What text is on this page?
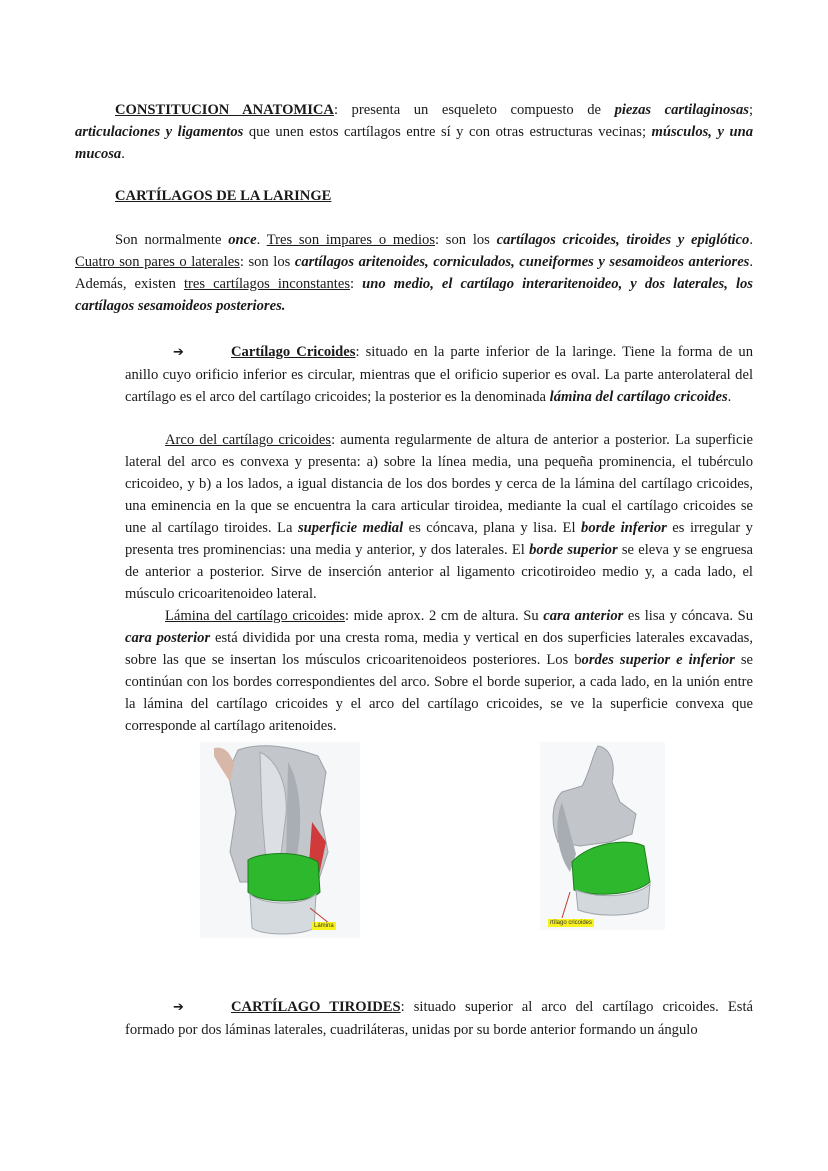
CONSTITUCION ANATOMICA: presenta un esqueleto compuesto de piezas cartilaginosas; articulaciones y ligamentos que unen estos cartílagos entre sí y con otras estructuras vecinas; músculos, y una mucosa.

CARTÍLAGOS DE LA LARINGE

Son normalmente once. Tres son impares o medios: son los cartílagos cricoides, tiroides y epiglótico. Cuatro son pares o laterales: son los cartílagos aritenoides, corniculados, cuneiformes y sesamoideos anteriores. Además, existen tres cartílagos inconstantes: uno medio, el cartílago interaritenoideo, y dos laterales, los cartílagos sesamoideos posteriores.

➔	Cartílago Cricoides: situado en la parte inferior de la laringe. Tiene la forma de un anillo cuyo orificio inferior es circular, mientras que el orificio superior es oval. La parte anterolateral del cartílago es el arco del cartílago cricoides; la posterior es la denominada lámina del cartílago cricoides.

Arco del cartílago cricoides: aumenta regularmente de altura de anterior a posterior. La superficie lateral del arco es convexa y presenta: a) sobre la línea media, una pequeña prominencia, el tubérculo cricoideo, y b) a los lados, a igual distancia de los dos bordes y cerca de la lámina del cartílago cricoides, una eminencia en la que se encuentra la cara articular tiroidea, mediante la cual el cartílago cricoides se une al cartílago tiroides. La superficie medial es cóncava, plana y lisa. El borde inferior es irregular y presenta tres prominencias: una media y anterior, y dos laterales. El borde superior se eleva y se engruesa de anterior a posterior. Sirve de inserción anterior al ligamento cricotiroideo medio y, a cada lado, el músculo cricoaritenoideo lateral.

Lámina del cartílago cricoides: mide aprox. 2 cm de altura. Su cara anterior es lisa y cóncava. Su cara posterior está dividida por una cresta roma, media y vertical en dos superficies laterales excavadas, sobre las que se insertan los músculos cricoaritenoideos posteriores. Los bordes superior e inferior se continúan con los bordes correspondientes del arco. Sobre el borde superior, a cada lado, en la unión entre la lámina del cartílago cricoides y el arco del cartílago cricoides, se ve la superficie convexa que corresponde al cartílago aritenoides.

Lámina	rtílago cricoides

➔	CARTÍLAGO TIROIDES: situado superior al arco del cartílago cricoides. Está formado por dos láminas laterales, cuadriláteras, unidas por su borde anterior formando un ángulo
